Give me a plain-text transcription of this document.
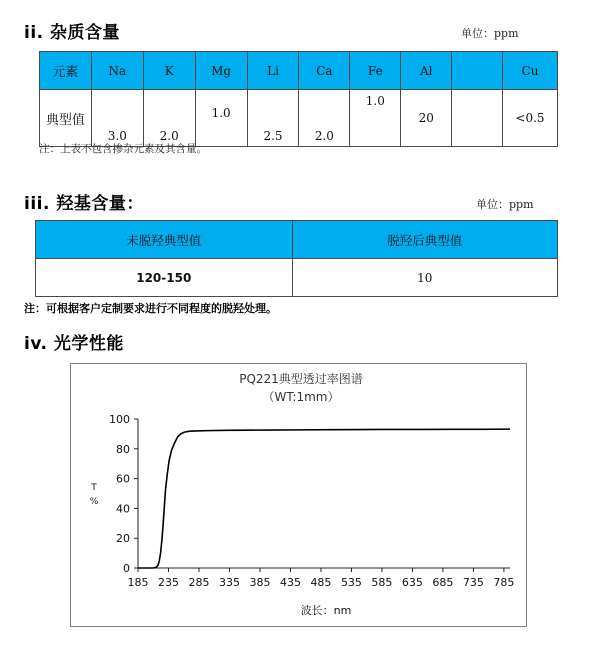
ii. 杂质含量	单位：ppm
元素	Na	K	Mg	Li	Ca	Fe	Al		Cu
典型值	3.0	2.0	1.0	2.5	2.0	1.0	20		<0.5
注：上表不包含掺杂元素及其含量。
iii. 羟基含量：	单位：ppm
未脱羟典型值	脱羟后典型值
120-150	10
注：可根据客户定制要求进行不同程度的脱羟处理。
iv. 光学性能
PQ221典型透过率图谱
（WT:1mm）
T
%
0
20
40
60
80
100
185 235 285 335 385 435 485 535 585 635 685 735 785
波长：nm
